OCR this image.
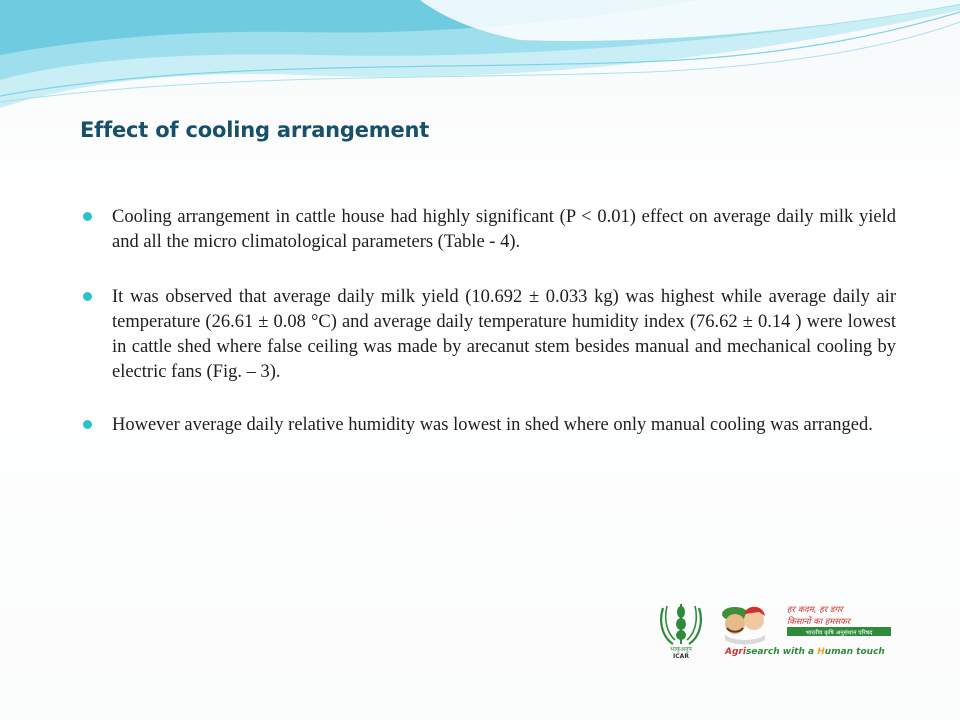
Effect of cooling arrangement
Cooling arrangement in cattle house had highly significant (P < 0.01) effect on average daily milk yield and all the micro climatological parameters (Table - 4).
It was observed that average daily milk yield (10.692 ± 0.033 kg) was highest while average daily air temperature (26.61 ± 0.08 °C) and average daily temperature humidity index (76.62 ± 0.14 ) were lowest in cattle shed where false ceiling was made by arecanut stem besides manual and mechanical cooling by electric fans (Fig. – 3).
However average daily relative humidity was lowest in shed where only manual cooling was arranged.
भाकृअनुप
ICAR
हर कदम, हर डगर
किसानों का हमसफर
भारतीय कृषि अनुसंधान परिषद
Agrisearch with a Human touch
